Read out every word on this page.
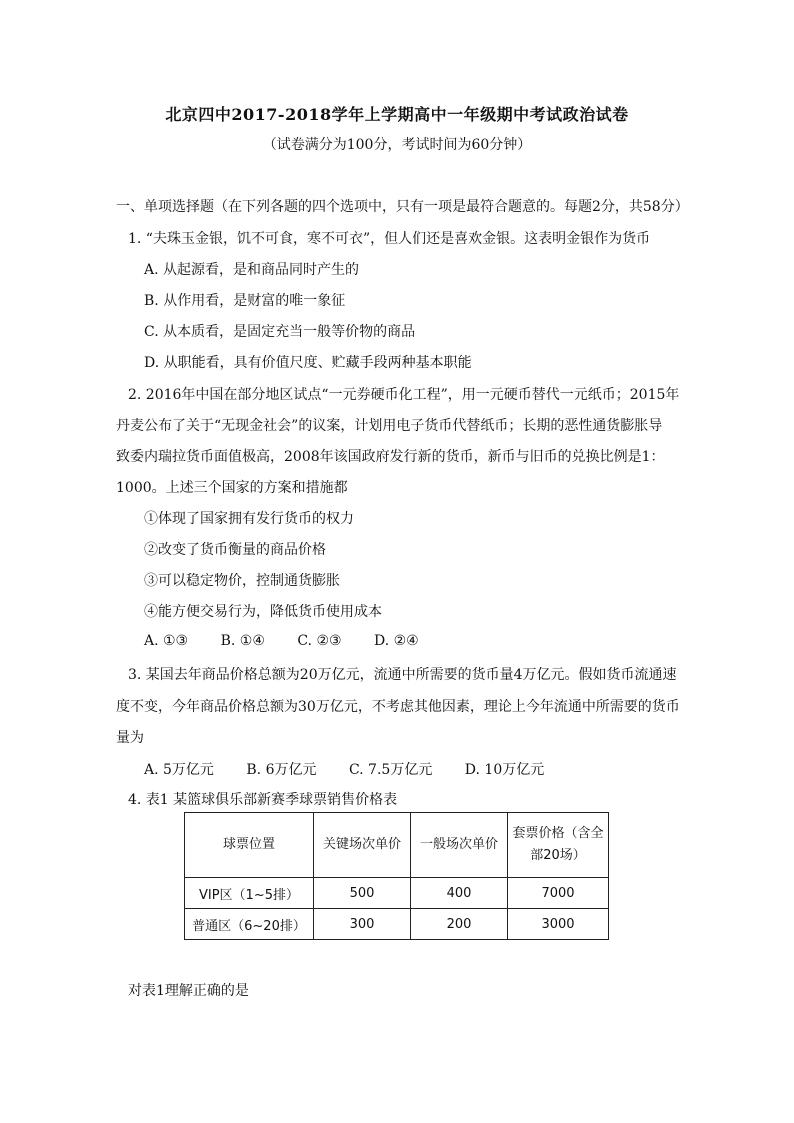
北京四中2017-2018学年上学期高中一年级期中考试政治试卷
（试卷满分为100分，考试时间为60分钟）
一、单项选择题（在下列各题的四个选项中，只有一项是最符合题意的。每题2分，共58分）
1. “夫珠玉金银，饥不可食，寒不可衣”，但人们还是喜欢金银。这表明金银作为货币
A. 从起源看，是和商品同时产生的
B. 从作用看，是财富的唯一象征
C. 从本质看，是固定充当一般等价物的商品
D. 从职能看，具有价值尺度、贮藏手段两种基本职能
2. 2016年中国在部分地区试点“一元券硬币化工程”，用一元硬币替代一元纸币；2015年
丹麦公布了关于“无现金社会”的议案，计划用电子货币代替纸币；长期的恶性通货膨胀导
致委内瑞拉货币面值极高，2008年该国政府发行新的货币，新币与旧币的兑换比例是1：
1000。上述三个国家的方案和措施都
①体现了国家拥有发行货币的权力
②改变了货币衡量的商品价格
③可以稳定物价，控制通货膨胀
④能方便交易行为，降低货币使用成本
A. ①③ B. ①④ C. ②③ D. ②④
3. 某国去年商品价格总额为20万亿元，流通中所需要的货币量4万亿元。假如货币流通速
度不变，今年商品价格总额为30万亿元，不考虑其他因素，理论上今年流通中所需要的货币
量为
A. 5万亿元 B. 6万亿元 C. 7.5万亿元 D. 10万亿元
4. 表1 某篮球俱乐部新赛季球票销售价格表
球票位置	关键场次单价	一般场次单价	套票价格（含全部20场）
VIP区（1~5排）	500	400	7000
普通区（6~20排）	300	200	3000
对表1理解正确的是
